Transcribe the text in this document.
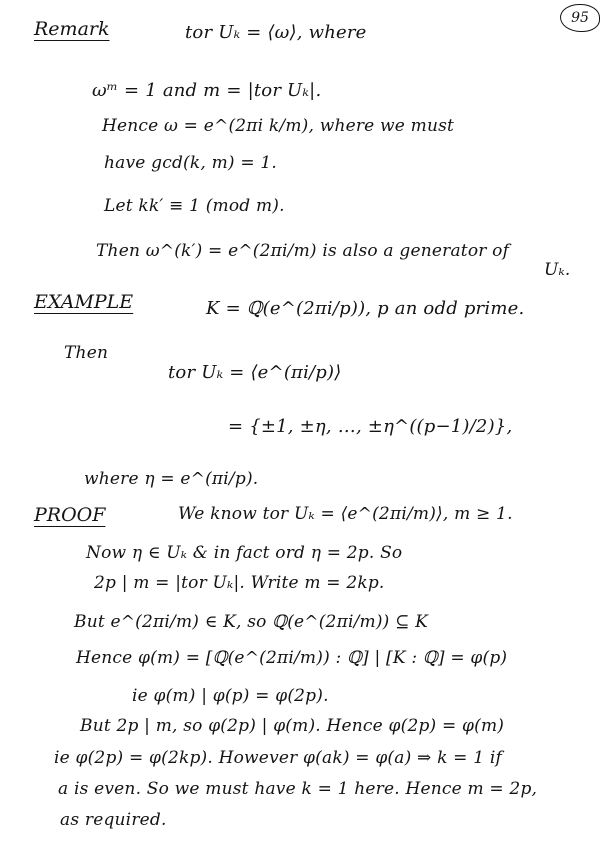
95
Remark	tor Uₖ = ⟨ω⟩, where
ωᵐ = 1 and m = |tor Uₖ|.
Hence ω = e^(2πi k/m), where we must
have gcd(k, m) = 1.
Let kk′ ≡ 1 (mod m).
Then ω^(k′) = e^(2πi/m) is also a generator of
Uₖ.
EXAMPLE	K = ℚ(e^(2πi/p)), p an odd prime.
Then
tor Uₖ = ⟨e^(πi/p)⟩
= {±1, ±η, …, ±η^((p−1)/2)},
where η = e^(πi/p).
PROOF	We know tor Uₖ = ⟨e^(2πi/m)⟩, m ≥ 1.
Now η ∈ Uₖ & in fact ord η = 2p. So
2p | m = |tor Uₖ|. Write m = 2kp.
But e^(2πi/m) ∈ K, so ℚ(e^(2πi/m)) ⊆ K
Hence φ(m) = [ℚ(e^(2πi/m)) : ℚ] | [K : ℚ] = φ(p)
ie φ(m) | φ(p) = φ(2p).
But 2p | m, so φ(2p) | φ(m). Hence φ(2p) = φ(m)
ie φ(2p) = φ(2kp). However φ(ak) = φ(a) ⇒ k = 1 if
a is even. So we must have k = 1 here. Hence m = 2p,
as required.
